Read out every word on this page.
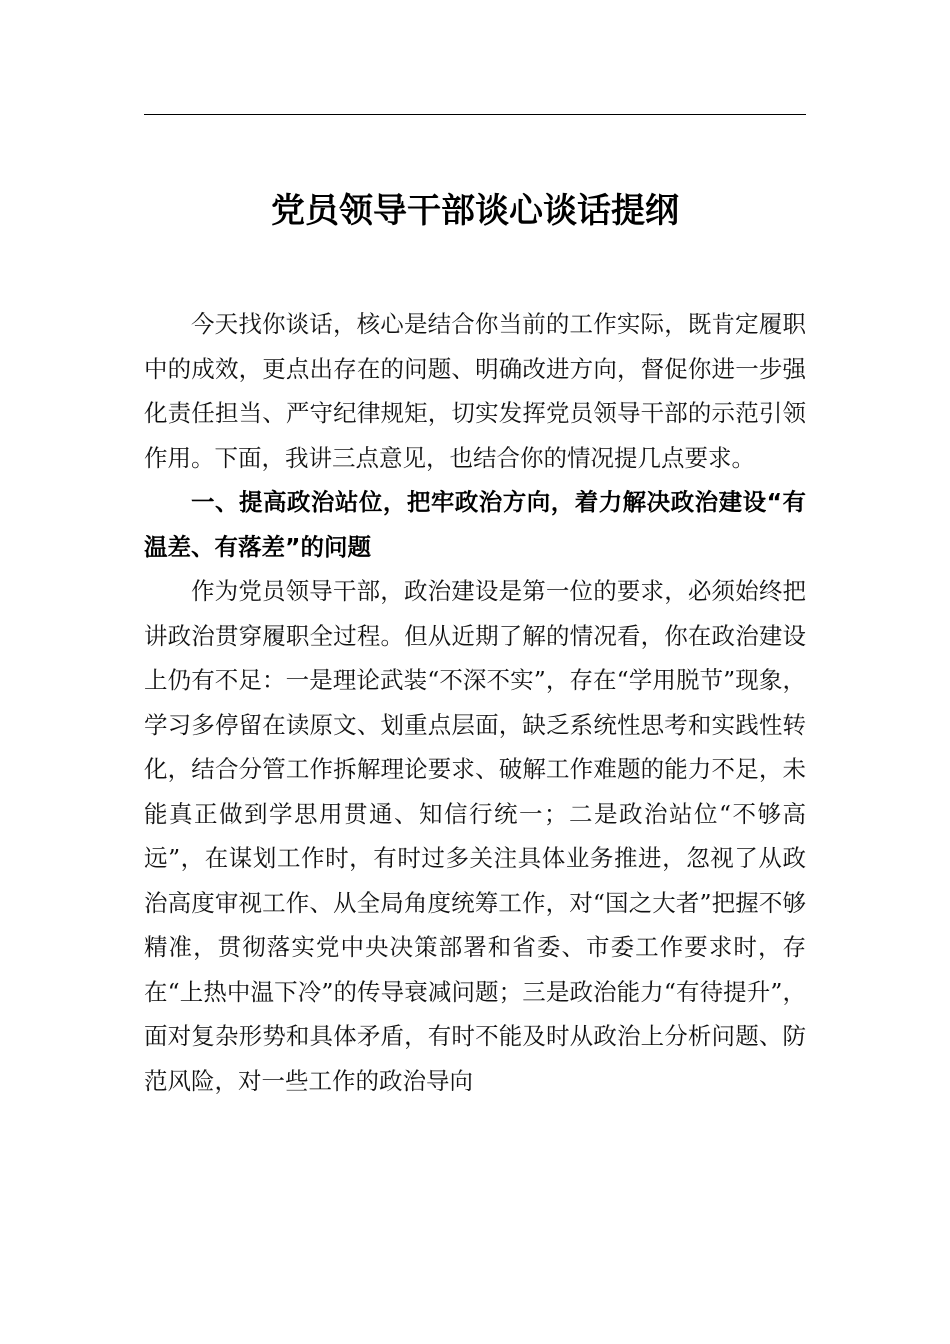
党员领导干部谈心谈话提纲

今天找你谈话，核心是结合你当前的工作实际，既肯定履职中的成效，更点出存在的问题、明确改进方向，督促你进一步强化责任担当、严守纪律规矩，切实发挥党员领导干部的示范引领作用。下面，我讲三点意见，也结合你的情况提几点要求。

一、提高政治站位，把牢政治方向，着力解决政治建设“有温差、有落差”的问题

作为党员领导干部，政治建设是第一位的要求，必须始终把讲政治贯穿履职全过程。但从近期了解的情况看，你在政治建设上仍有不足：一是理论武装“不深不实”，存在“学用脱节”现象，学习多停留在读原文、划重点层面，缺乏系统性思考和实践性转化，结合分管工作拆解理论要求、破解工作难题的能力不足，未能真正做到学思用贯通、知信行统一；二是政治站位“不够高远”，在谋划工作时，有时过多关注具体业务推进，忽视了从政治高度审视工作、从全局角度统筹工作，对“国之大者”把握不够精准，贯彻落实党中央决策部署和省委、市委工作要求时，存在“上热中温下冷”的传导衰减问题；三是政治能力“有待提升”，面对复杂形势和具体矛盾，有时不能及时从政治上分析问题、防范风险，对一些工作的政治导向
